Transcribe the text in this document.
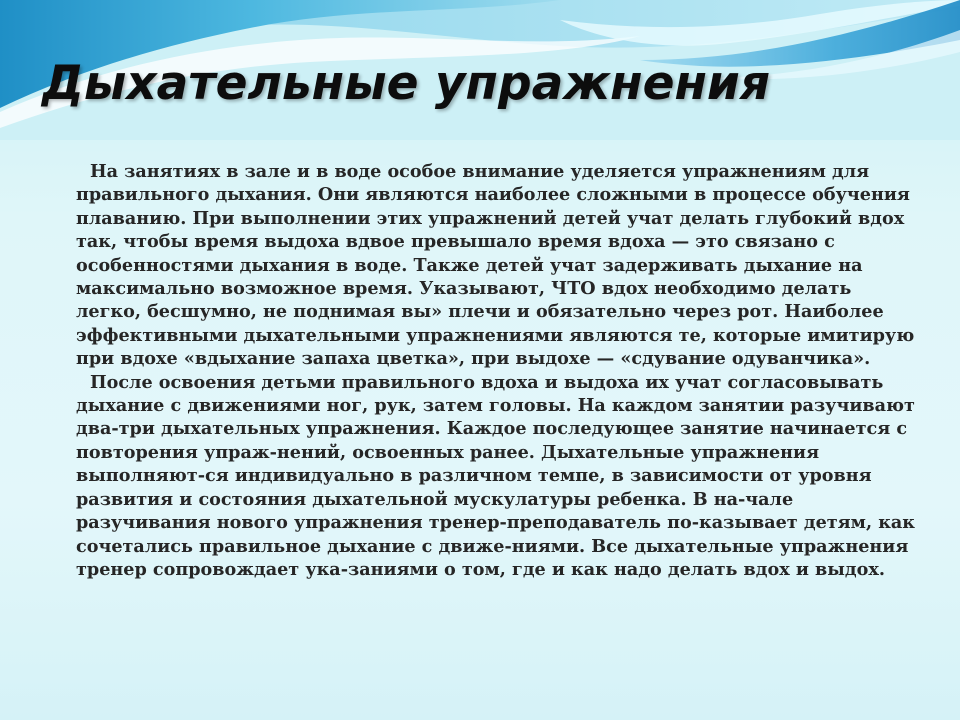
Дыхательные упражнения

На занятиях в зале и в воде особое внимание уделяется упражнениям для правильного дыхания. Они являются наиболее сложными в процессе обучения плаванию. При выполнении этих упражнений детей учат делать глубокий вдох так, чтобы время выдоха вдвое превышало время вдоха — это связано с особенностями дыхания в воде. Также детей учат задерживать дыхание на максимально возможное время. Указывают, ЧТО вдох необходимо делать легко, бесшумно, не поднимая вы» плечи и обязательно через рот. Наиболее эффективными дыхательными упражнениями являются те, которые имитирую при вдохе «вдыхание запаха цветка», при выдохе — «сдувание одуванчика».

После освоения детьми правильного вдоха и выдоха их учат согласовывать дыхание с движениями ног, рук, затем головы. На каждом занятии разучивают два-три дыхательных упражнения. Каждое последующее занятие начинается с повторения упраж-нений, освоенных ранее. Дыхательные упражнения выполняют-ся индивидуально в различном темпе, в зависимости от уровня развития и состояния дыхательной мускулатуры ребенка. В на-чале разучивания нового упражнения тренер-преподаватель по-казывает детям, как сочетались правильное дыхание с движе-ниями. Все дыхательные упражнения тренер сопровождает ука-заниями о том, где и как надо делать вдох и выдох.
